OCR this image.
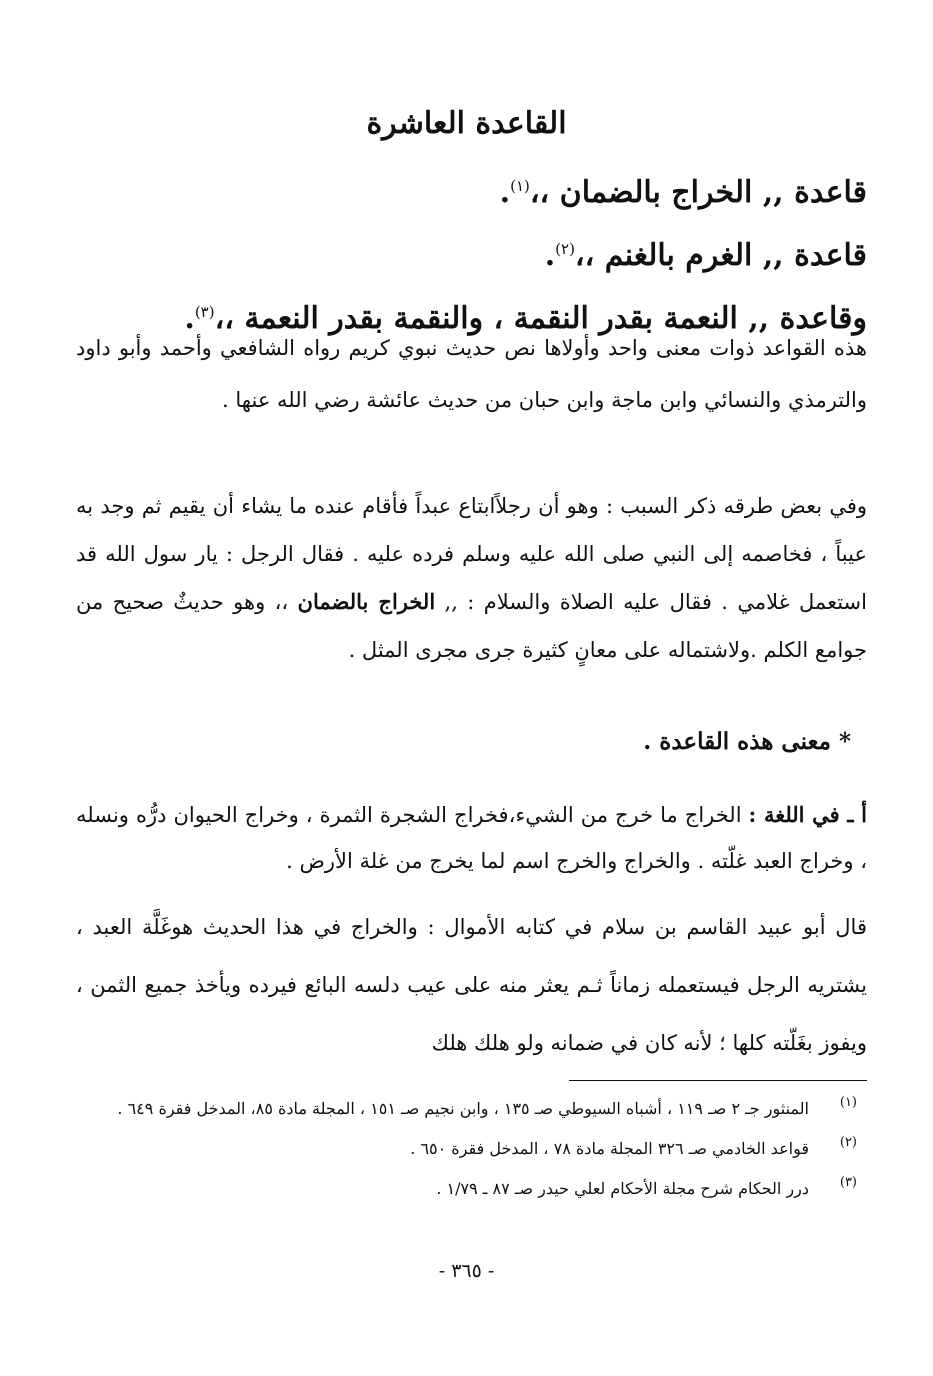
القاعدة العاشرة
قاعدة ,, الخراج بالضمان ،،$^{(١)}$.
قاعدة ,, الغرم بالغنم ،،$^{(٢)}$.
وقاعدة ,, النعمة بقدر النقمة ، والنقمة بقدر النعمة ،،$^{(٣)}$.
هذه القواعد ذوات معنى واحد وأولاها نص حديث نبوي كريم رواه الشافعي وأحمد وأبو داود والترمذي والنسائي وابن ماجة وابن حبان من حديث عائشة رضي الله عنها .
وفي بعض طرقه ذكر السبب : وهو أن رجلاًابتاع عبداً فأقام عنده ما يشاء أن يقيم ثم وجد به عيباً ، فخاصمه إلى النبي صلى الله عليه وسلم فرده عليه . فقال الرجل : يار سول الله قد استعمل غلامي . فقال عليه الصلاة والسلام : ,, الخراج بالضمان ،، وهو حديثٌ صحيح من جوامع الكلم .ولاشتماله على معانٍ كثيرة جرى مجرى المثل .
* معنى هذه القاعدة .
أ ـ في اللغة : الخراج ما خرج من الشيء،فخراج الشجرة الثمرة ، وخراج الحيوان درُّه ونسله ، وخراج العبد غلّته . والخراج والخرج اسم لما يخرج من غلة الأرض .
قال أبو عبيد القاسم بن سلام في كتابه الأموال : والخراج في هذا الحديث هوغَلَّة العبد ، يشتريه الرجل فيستعمله زماناً ثـم يعثر منه على عيب دلسه البائع فيرده ويأخذ جميع الثمن ، ويفوز بغَلّته كلها ؛ لأنه كان في ضمانه ولو هلك هلك
(١)
المنثور جـ ٢ صـ ١١٩ ، أشباه السيوطي صـ ١٣٥ ، وابن نجيم صـ ١٥١ ، المجلة مادة ٨٥، المدخل فقرة ٦٤٩ .
(٢)
قواعد الخادمي صـ ٣٢٦ المجلة مادة ٧٨ ، المدخل فقرة ٦٥٠ .
(٣)
درر الحكام شرح مجلة الأحكام لعلي حيدر صـ ٨٧ ـ ١/٧٩ .
- ٣٦٥ -
